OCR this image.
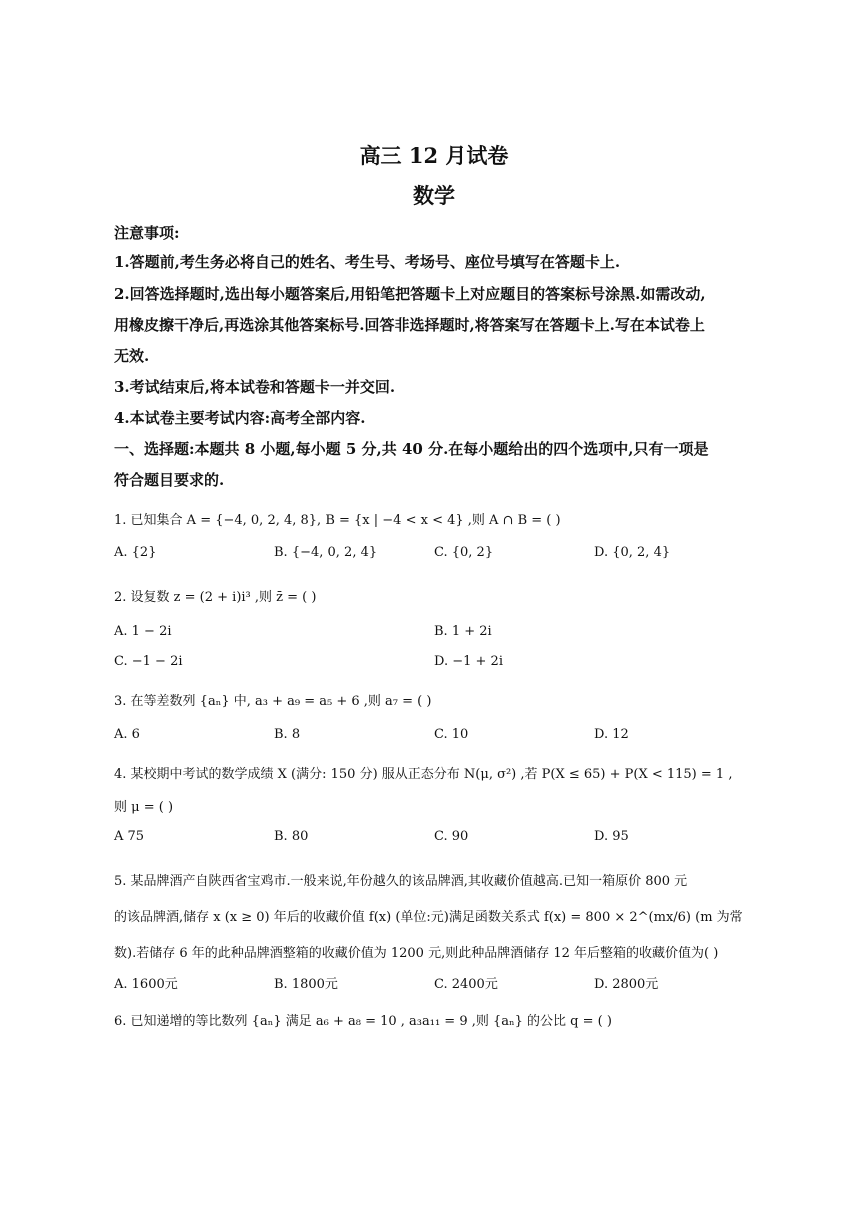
高三 12 月试卷
数学
注意事项:
1.答题前,考生务必将自己的姓名、考生号、考场号、座位号填写在答题卡上.
2.回答选择题时,选出每小题答案后,用铅笔把答题卡上对应题目的答案标号涂黑.如需改动,
用橡皮擦干净后,再选涂其他答案标号.回答非选择题时,将答案写在答题卡上.写在本试卷上
无效.
3.考试结束后,将本试卷和答题卡一并交回.
4.本试卷主要考试内容:高考全部内容.
一、选择题:本题共 8 小题,每小题 5 分,共 40 分.在每小题给出的四个选项中,只有一项是
符合题目要求的.
1. 已知集合 A = {−4, 0, 2, 4, 8}, B = {x | −4 < x < 4} ,则 A ∩ B = ( )
A. {2}	B. {−4, 0, 2, 4}	C. {0, 2}	D. {0, 2, 4}
2. 设复数 z = (2 + i)i³ ,则 z̄ = ( )
A. 1 − 2i	B. 1 + 2i
C. −1 − 2i	D. −1 + 2i
3. 在等差数列 {aₙ} 中, a₃ + a₉ = a₅ + 6 ,则 a₇ = ( )
A. 6	B. 8	C. 10	D. 12
4. 某校期中考试的数学成绩 X (满分: 150 分) 服从正态分布 N(μ, σ²) ,若 P(X ≤ 65) + P(X < 115) = 1 ,
则 μ = ( )
A 75	B. 80	C. 90	D. 95
5. 某品牌酒产自陕西省宝鸡市.一般来说,年份越久的该品牌酒,其收藏价值越高.已知一箱原价 800 元
的该品牌酒,储存 x (x ≥ 0) 年后的收藏价值 f(x) (单位:元)满足函数关系式 f(x) = 800 × 2^(mx/6) (m 为常
数).若储存 6 年的此种品牌酒整箱的收藏价值为 1200 元,则此种品牌酒储存 12 年后整箱的收藏价值为( )
A. 1600元	B. 1800元	C. 2400元	D. 2800元
6. 已知递增的等比数列 {aₙ} 满足 a₆ + a₈ = 10 , a₃a₁₁ = 9 ,则 {aₙ} 的公比 q = ( )
